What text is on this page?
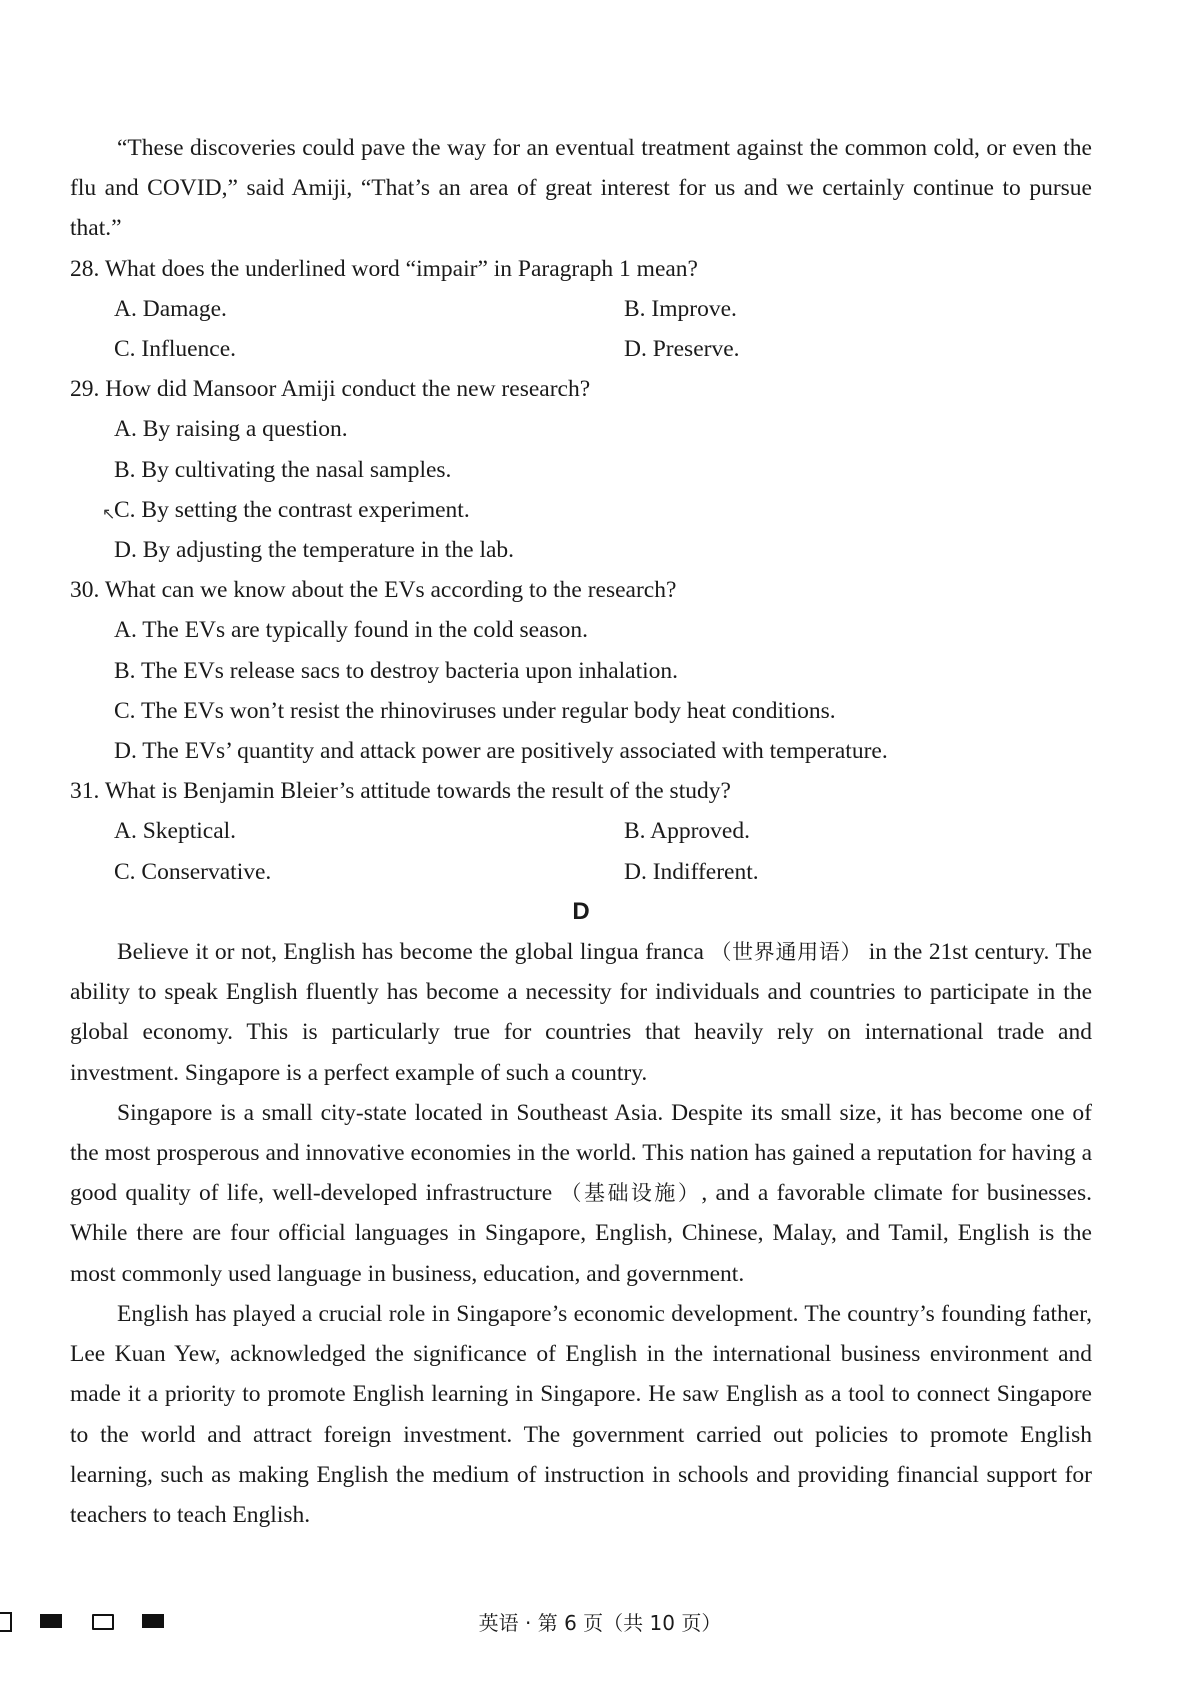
“These discoveries could pave the way for an eventual treatment against the common cold, or even the flu and COVID,” said Amiji, “That’s an area of great interest for us and we certainly continue to pursue that.”

28. What does the underlined word “impair” in Paragraph 1 mean?

A. Damage.	B. Improve.

C. Influence.	D. Preserve.

29. How did Mansoor Amiji conduct the new research?

A. By raising a question.

B. By cultivating the nasal samples.

↖
C. By setting the contrast experiment.

D. By adjusting the temperature in the lab.

30. What can we know about the EVs according to the research?

A. The EVs are typically found in the cold season.

B. The EVs release sacs to destroy bacteria upon inhalation.

C. The EVs won’t resist the rhinoviruses under regular body heat conditions.

D. The EVs’ quantity and attack power are positively associated with temperature.

31. What is Benjamin Bleier’s attitude towards the result of the study?

A. Skeptical.	B. Approved.

C. Conservative.	D. Indifferent.

D

Believe it or not, English has become the global lingua franca （世界通用语） in the 21st century. The ability to speak English fluently has become a necessity for individuals and countries to participate in the global economy. This is particularly true for countries that heavily rely on international trade and investment. Singapore is a perfect example of such a country.

Singapore is a small city-state located in Southeast Asia. Despite its small size, it has become one of the most prosperous and innovative economies in the world. This nation has gained a reputation for having a good quality of life, well-developed infrastructure （基础设施）, and a favorable climate for businesses. While there are four official languages in Singapore, English, Chinese, Malay, and Tamil, English is the most commonly used language in business, education, and government.

English has played a crucial role in Singapore’s economic development. The country’s founding father, Lee Kuan Yew, acknowledged the significance of English in the international business environment and made it a priority to promote English learning in Singapore. He saw English as a tool to connect Singapore to the world and attract foreign investment. The government carried out policies to promote English learning, such as making English the medium of instruction in schools and providing financial support for teachers to teach English.

英语 · 第 6 页（共 10 页）
